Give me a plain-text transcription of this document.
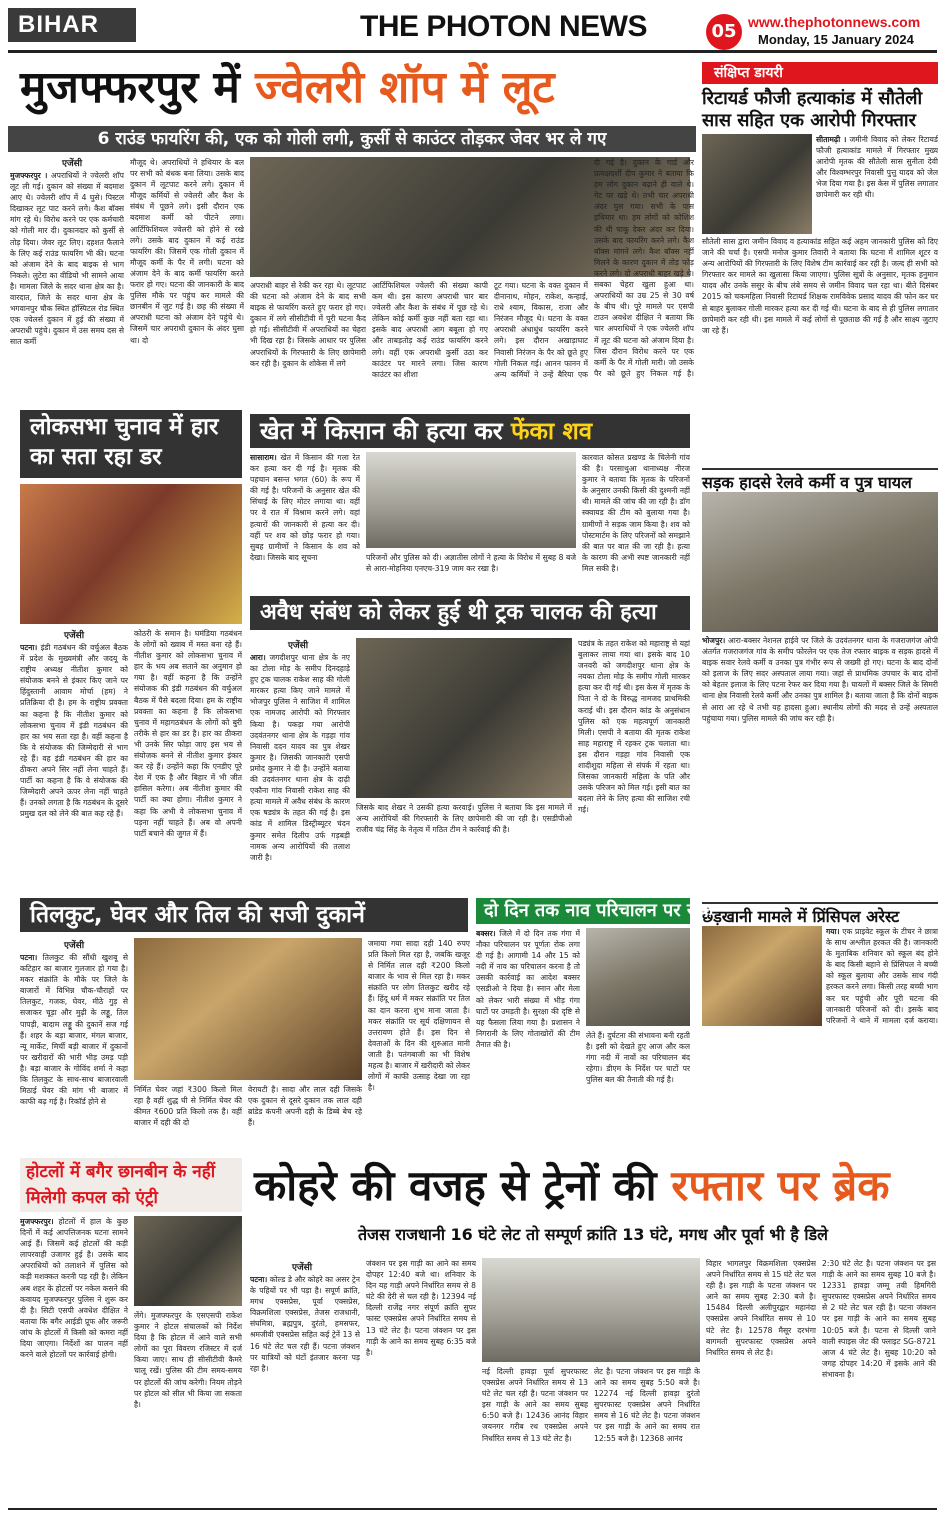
BIHAR	THE PHOTON NEWS	05 www.thephotonnews.com
Monday, 15 January 2024
मुजफ्फरपुर में ज्वेलरी शॉप में लूट
6 राउंड फायरिंग की, एक को गोली लगी, कुर्सी से काउंटर तोड़कर जेवर भर ले गए
एजेंसी
मुजफ्फरपुर । अपराधियों ने ज्वेलरी शॉप लूट ली गई। दुकान को संख्या में बदमाश आए थे। ज्वेलरी शॉप में 4 घुसे। पिस्टल दिखाकर लूट पाट करने लगे। कैश बॉक्स मांग रहे थे। विरोध करने पर एक कर्मचारी को गोली मार दी। दुकानदार को कुर्सी से तोड़ दिया। जेवर लूट लिए। दहशत फैलाने के लिए कई राउंड फायरिंग भी की। घटना को अंजाम देने के बाद बाइक से भाग निकले। लुटेरा का वीडियो भी सामने आया है। मामला जिले के सदर थाना क्षेत्र का है। वारदात, जिले के सदर थाना क्षेत्र के भगवानपुर चौक स्थित हॉस्पिटल रोड स्थित एक ज्वेलर्स दुकान में हुई की संख्या में अपराधी पहुंचे। दुकान में उस समय दस से सात कर्मी
मौजूद थे। अपराधियों ने हथियार के बल पर सभी को बंधक बना लिया। उसके बाद दुकान में लूटपाट करने लगे। दुकान में मौजूद कर्मियों से ज्वेलरी और कैश के संबंध में पूछने लगे। इसी दौरान एक बदमाश कर्मी को पीटने लगा। आर्टिफिशियल ज्वेलरी को होने से रखे लगे। उसके बाद दुकान में कई राउंड फायरिंग की। जिसमें एक गोली दुकान में मौजूद कर्मी के पैर में लगी। घटना को अंजाम देने के बाद कर्मी फायरिंग करते फरार हो गए। घटना की जानकारी के बाद पुलिस मौके पर पहुंच कर मामले की छानबीन में जुट गई है। छह की संख्या में अपराधी घटना को अंजाम देने पहुंचे थे। जिसमें चार अपराधी दुकान के अंदर घुसा था। दो
अपराधी बाहर से रेकी कर रहा थे। लूटपाट की घटना को अंजाम देने के बाद सभी बाइक से फायरिंग करते हुए फरार हो गए। दुकान में लगे सीसीटीवी में पूरी घटना कैद हो गई। सीसीटीवी में अपराधियों का चेहरा भी दिख रहा है। जिसके आधार पर पुलिस अपराधियों के गिरफ्तारी के लिए छापेमारी कर रही है। दुकान के शोकेस में लगे
आर्टिफिशियल ज्वेलरी की संख्या कापी कम थी। इस कारण अपराधी चार बार ज्वेलरी और कैश के संबंध में पूछ रहे थे। लेकिन कोई कर्मी कुछ नहीं बता रहा था। इसके बाद अपराधी आग बबूला हो गए और ताबड़तोड़ कई राउंड फायरिंग करने लगे। वहीं एक अपराधी कुर्सी उठा कर काउंटर पर मारने लगा। जिस कारण काउंटर का शीशा
टूट गया। घटना के वक्त दुकान में दीनानाथ, मोहन, राकेश, कन्हाई, राधे श्याम, विकास, राजा और निरंजन मौजूद थे। घटना के वक्त अपराधी अंधाधुंध फायरिंग करने लगे। इस दौरान अखाड़ाघाट निवासी निरंजन के पैर को छूते हुए गोली निकल गई। आनन फानन में अन्य कर्मियों ने उन्हें बैरिया एक
दी गई है। दुकान के गार्ड और प्रत्यक्षदर्शी दीप कुमार ने बताया कि हम लोग दुकान बढ़ाने ही वाले थे। गेट पर खड़े थे। तभी चार अपराधी अंदर घुस गया। सभी के पास हथियार था। हम लोगों को कोशिश की थी चाकू देकर अंदर कर दिया। उसके बाद फायरिंग करने लगे। कैश बॉक्स मांगने लगे। कैश बॉक्स नहीं मिलने के कारण दुकान में तोड़ फोड़ करने लगे। दो अपराधी बाहर खड़े थे। सबका चेहरा खुला हुआ था। अपराधियों का उम्र 25 से 30 वर्ष के बीच थी। पूरे मामले पर एसपी टाउन अवधेश दीक्षित ने बताया कि चार अपराधियों ने एक ज्वेलरी शॉप में लूट की घटना को अंजाम दिया है। जिस दौरान विरोध करने पर एक कर्मी के पैर में गोली मारी। जो उसके पैर को छूते हुए निकल गई है।
संक्षिप्त डायरी
रिटायर्ड फौजी हत्याकांड में सौतेली सास सहित एक आरोपी गिरफ्तार
सीतामढ़ी । जमीनी विवाद को लेकर रिटायर्ड फौजी हत्याकांड मामले में गिरफ्तार मुख्य आरोपी मृतक की सौतेली सास सुनीता देवी और विश्वम्भरपुर निवासी पुत्तु यादव को जेल भेज दिया गया है। इस केस में पुलिस लगातार छापेमारी कर रही थी।
सौतेली सास द्वारा जमीन विवाद व हत्याकांड सहित कई अहम जानकारी पुलिस को दिए जाने की चर्चा है। एसपी मनोज कुमार तिवारी ने बताया कि घटना में शामिल शूटर व अन्य आरोपियों की गिरफ्तारी के लिए विशेष टीम कार्रवाई कर रही है। जल्द ही सभी को गिरफ्तार कर मामले का खुलासा किया जाएगा। पुलिस सूत्रों के अनुसार, मृतक हनुमान यादव और उनके ससुर के बीच लंबे समय से जमीन विवाद चल रहा था। बीते दिसंबर 2015 को चकमहिला निवासी रिटायर्ड शिक्षक रामविवेक प्रसाद यादव की फोन कर घर से बाहर बुलाकर गोली मारकर हत्या कर दी गई थी। घटना के बाद से ही पुलिस लगातार छापेमारी कर रही थी। इस मामले में कई लोगों से पूछताछ की गई है और साक्ष्य जुटाए जा रहे हैं।
सड़क हादसे रेलवे कर्मी व पुत्र घायल
भोजपुर। आरा-बक्सर नेशनल हाईवे पर जिले के उदवंतनगर थाना के गजराजगंज ओपी अंतर्गत गजराजगंज गांव के समीप फोरलेन पर एक तेज रफ्तार बाइक व सड़क हादसे में बाइक सवार रेलवे कर्मी व उनका पुत्र गंभीर रूप से जख्मी हो गए। घटना के बाद दोनों को इलाज के लिए सदर अस्पताल लाया गया। जहां से प्राथमिक उपचार के बाद दोनों को बेहतर इलाज के लिए पटना रेफर कर दिया गया है। घायलों में बक्सर जिले के सिमरी थाना क्षेत्र निवासी रेलवे कर्मी और उनका पुत्र शामिल है। बताया जाता है कि दोनों बाइक से आरा आ रहे थे तभी यह हादसा हुआ। स्थानीय लोगों की मदद से उन्हें अस्पताल पहुंचाया गया। पुलिस मामले की जांच कर रही है।
छेड़खानी मामले में प्रिंसिपल अरेस्ट
गया। एक प्राइवेट स्कूल के टीचर ने छात्रा के साथ अश्लील हरकत की है। जानकारी के मुताबिक शनिवार को स्कूल बंद होने के बाद किसी बहाने से प्रिंसिपल ने बच्ची को स्कूल बुलाया और उसके साथ गंदी हरकत करने लगा। किसी तरह बच्ची भाग कर घर पहुंची और पूरी घटना की जानकारी परिजनों को दी। इसके बाद परिजनों ने थाने में मामला दर्ज कराया।
लोकसभा चुनाव में हार का सता रहा डर
एजेंसी
पटना। इंडी गठबंधन की वर्चुअल बैठक में प्रदेश के मुख्यमंत्री और जदयू के राष्ट्रीय अध्यक्ष नीतीश कुमार को संयोजक बनने से इंकार किए जाने पर हिंदुस्तानी आवाम मोर्चा (हम) ने प्रतिक्रिया दी है। हम के राष्ट्रीय प्रवक्ता का कहना है कि नीतीश कुमार को लोकसभा चुनाव में इंडी गठबंधन की हार का भय सता रहा है। वहीं कहना है कि वे संयोजक की जिम्मेदारी से भाग रहे हैं। वह इंडी गठबंधन की हार का ठीकरा अपने सिर नहीं लेना चाहते हैं। पार्टी का कहना है कि वे संयोजक की जिम्मेदारी अपने ऊपर लेना नहीं चाहते हैं। उनको लगता है कि गठबंधन के दूसरे प्रमुख दल को लेने की बात कह रहे हैं।
कोठरी के समान है। घमंडिया गठबंधन के लोगों को ख्वाब में मस्त बना रहे हैं। नीतीश कुमार को लोकसभा चुनाव में हार के भय अब सताने का अनुमान हो गया है। वहीं कहना है कि उन्होंने संयोजक की इंडी गठबंधन की वर्चुअल बैठक में पैसे बदला दिया। हम के राष्ट्रीय प्रवक्ता का कहना है कि लोकसभा चुनाव में महागठबंधन के लोगों को बुरी तरीके से हार का डर है। हार का ठीकरा भी उनके सिर फोड़ा जाए इस भय से संयोजक बनने से नीतीश कुमार इंकार कर रहे हैं। उन्होंने कहा कि एनडीए पूरे देश में एक है और बिहार में भी जीत हासिल करेगा। अब नीतीश कुमार की पार्टी का क्या होगा। नीतीश कुमार ने कहा कि अभी वे लोकसभा चुनाव में पड़ना नहीं चाहते हैं। अब वो अपनी पार्टी बचाने की जुगत में हैं।
खेत में किसान की हत्या कर फेंका शव
सासाराम। खेत में किसान की गला रेत कर हत्या कर दी गई है। मृतक की पहचान बसन्त भगत (60) के रूप में की गई है। परिजनों के अनुसार खेत की सिंचाई के लिए मोटर लगाया था। वहीं पर वे रात में विश्राम करने लगे। वहां हत्यारों की जानकारी से हत्या कर दी। वहीं पर शव को छोड़ फरार हो गया। सुबह ग्रामीणों ने किसान के शव को देखा। जिसके बाद सूचना	परिजनों और पुलिस को दी। अज्ञातीस लोगों ने हत्या के विरोध में सुबह 8 बजे से आरा-मोहनिया एनएच-319 जाम कर रखा है।
कारवात कोसत प्रखण्ड के चिलेनी गांव की है। परसाथुआ थानाध्यक्ष नीरज कुमार ने बताया कि मृतक के परिजनों के अनुसार उनकी किसी की दुश्मनी नहीं थी। मामले की जांच की जा रही है। डॉग स्क्वायड की टीम को बुलाया गया है। ग्रामीणों ने सड़क जाम किया है। शव को पोस्टमार्टम के लिए परिजनों को समझाने की बात पर बात की जा रही है। हत्या के कारण की अभी स्पष्ट जानकारी नहीं मिल सकी है।
अवैध संबंध को लेकर हुई थी ट्रक चालक की हत्या
एजेंसी
आरा। जगदीशपुर थाना क्षेत्र के नए का टोला मोड़ के समीप दिनदहाड़े हुए ट्रक चालक राकेश साह की गोली मारकर हत्या किए जाने मामले में भोजपुर पुलिस ने साजिश में शामिल एक नामजद आरोपी को गिरफ्तार किया है। पकड़ा गया आरोपी उदवंतनगर थाना क्षेत्र के गड़हा गांव निवासी ददन यादव का पुत्र शेखर कुमार है। जिसकी जानकारी एसपी प्रमोद कुमार ने दी है। उन्होंने बताया की उदवंतनगर थाना क्षेत्र के दाढ़ी एकौना गांव निवासी राकेश साह की हत्या मामले में अवैध संबंध के कारण एक षड्यंत्र के तहत की गई है। इस कांड में शामिल डिस्ट्रीब्यूटर चंदन कुमार समेत दिलीप उर्फ गड़बड़ी नामक अन्य आरोपियों की तलाश जारी है।
जिसके बाद शेखर ने उसकी हत्या करवाई। पुलिस ने बताया कि इस मामले में अन्य आरोपियों की गिरफ्तारी के लिए छापेमारी की जा रही है। एसडीपीओ राजीव चंद्र सिंह के नेतृत्व में गठित टीम ने कार्रवाई की है।
पड्यंत्र के तहत राकेश को महाराष्ट्र से यहां बुलाकर लाया गया था। इसके बाद 10 जनवरी को जगदीशपुर थाना क्षेत्र के नयका टोला मोड़ के समीप गोली मारकर हत्या कर दी गई थी। इस केस में मृतक के पिता ने दो के विरुद्ध नामजद प्राथमिकी कराई थी। इस दौरान कांड के अनुसंधान पुलिस को एक महत्वपूर्ण जानकारी मिली। एसपी ने बताया की मृतक राकेश साह महाराष्ट्र में रहकर ट्रक चलाता था। इस दौरान गड़हा गांव निवासी एक शादीशुदा महिला से संपर्क में रहता था। जिसका जानकारी महिला के पति और उसके परिजन को मिल गई। इसी बात का बदला लेने के लिए हत्या की साजिश रची गई।
तिलकुट, घेवर और तिल की सजी दुकानें
एजेंसी
पटना। तिलकुट की सौंधी खुशबू से कटिहार का बाजार गुलजार हो गया है। मकर संक्रांति के मौके पर जिले के बाजारों में विभिन्न चौक-चौराहों पर तिलकुट, गजक, घेवर, मीठे गुड़ से सजाकर चूड़ा और मुढ़ी के लड्डू, तिल पापड़ी, बादाम लड्डू की दुकानें सज गई हैं। शहर के बड़ा बाजार, मंगल बाजार, न्यू मार्केट, मिर्ची बड़ी बाजार में दुकानों पर खरीदारों की भारी भीड़ उमड़ पड़ी है। बड़ा बाजार के गोविंद शर्मा ने कहा कि तिलकुट के साथ-साथ बाजारवाली मिठाई घेवर की मांग भी बाजार में काफी बढ़ गई है। रिकॉर्ड होने से
निर्मित घेवर जहां ₹300 किलो मिल रहा है वहीं शुद्ध घी से निर्मित घेवर की कीमत ₹600 प्रति किलो तक है। वहीं बाजार में दही की दो
वेरायटी है। सादा और लाल दही जिसके एक दुकान से दूसरे दुकान तक लाल दही ब्रांडेड कंपनी अपनी दही के डिब्बे बेच रहे हैं।
जमाया गया सादा दही 140 रुपए प्रति किलो मिल रहा है, जबकि खजूर से निर्मित लाल दही ₹200 किलो बाजार के भाव से मिल रहा है। मकर संक्रांति पर लोग तिलकुट खरीद रहे हैं। हिंदू धर्म में मकर संक्रांति पर तिल का दान करना शुभ माना जाता है। मकर संक्रांति पर सूर्य दक्षिणायन से उत्तरायण होते हैं। इस दिन से देवताओं के दिन की शुरुआत मानी जाती है। पतंगबाजी का भी विशेष महत्व है। बाजार में खरीदारी को लेकर लोगों में काफी उत्साह देखा जा रहा है।
दो दिन तक नाव परिचालन पर रोक
बक्सर। जिले में दो दिन तक गंगा में नौका परिचालन पर पूर्णतः रोक लगा दी गई है। आगामी 14 और 15 को नदी में नाव का परिचालन करना है तो उसकी कार्रवाई का आदेश बक्सर एसडीओ ने दिया है। स्नान और मेला को लेकर भारी संख्या में भीड़ गंगा घाटों पर उमड़ती है। सुरक्षा की दृष्टि से यह फैसला लिया गया है। प्रशासन ने निगरानी के लिए गोताखोरों की टीम तैनात की है।
लेते हैं। दुर्घटना की संभावना बनी रहती है। इसी को देखते हुए आज और कल गंगा नदी में नावों का परिचालन बंद रहेगा। डीएम के निर्देश पर घाटों पर पुलिस बल की तैनाती की गई है।
होटलों में बगैर छानबीन के नहीं मिलेगी कपल को एंट्री
मुजफ्फरपुर। होटलों में हाल के कुछ दिनों में कई आपत्तिजनक घटना सामने आई हैं। जिसमें कई होटलों की कड़ी लापरवाही उजागर हुई है। उसके बाद अपराधियों को तलाशने में पुलिस को कड़ी मशक्कत करनी पड़ रही है। लेकिन अब शहर के होटलों पर नकेल कसने की कवायद मुजफ्फरपुर पुलिस ने शुरू कर दी है। सिटी एसपी अवधेश दीक्षित ने बताया कि बगैर आईडी प्रूफ और जरूरी जांच के होटलों में किसी को कमरा नहीं दिया जाएगा। निर्देशों का पालन नहीं करने वाले होटलों पर कार्रवाई होगी।
लेंगे। मुजफ्फरपुर के एसएसपी राकेश कुमार ने होटल संचालकों को निर्देश दिया है कि होटल में आने वाले सभी लोगों का पूरा विवरण रजिस्टर में दर्ज किया जाए। साथ ही सीसीटीवी कैमरे चालू रखें। पुलिस की टीम समय-समय पर होटलों की जांच करेगी। नियम तोड़ने पर होटल को सील भी किया जा सकता है।
कोहरे की वजह से ट्रेनों की रफ्तार पर ब्रेक
तेजस राजधानी 16 घंटे लेट तो सम्पूर्ण क्रांति 13 घंटे, मगध और पूर्वा भी है डिले
एजेंसी
पटना। कोल्ड डे और कोहरे का असर ट्रेन के पहियों पर भी पड़ा है। सपूर्ण क्रांति, मगध एक्सप्रेस, पूर्वा एक्सप्रेस, विक्रमशिला एक्सप्रेस, तेजस राजधानी, संघमित्रा, ब्रह्मपुत्र, दुरंतो, हमसफर, श्रमजीवी एक्सप्रेस सहित कई ट्रेनें 13 से 16 घंटे लेट चल रही हैं। पटना जंक्शन पर यात्रियों को घंटों इंतजार करना पड़ रहा है।
जंक्शन पर इस गाड़ी का आने का समय दोपहर 12:40 बजे था। शनिवार के दिन यह गाड़ी अपने निर्धारित समय से 8 घंटे की देरी से चल रही है। 12394 नई दिल्ली राजेंद्र नगर संपूर्ण क्रांति सुपर फास्ट एक्सप्रेस अपने निर्धारित समय से 13 घंटे लेट है। पटना जंक्शन पर इस गाड़ी के आने का समय सुबह 6:35 बजे है।
नई दिल्ली हावड़ा पूर्वा सुपरफास्ट एक्सप्रेस अपने निर्धारित समय से 13 घंटे लेट चल रही है। पटना जंक्शन पर इस गाड़ी के आने का समय सुबह 6:50 बजे है। 12436 आनंद विहार जयनगर गरीब रथ एक्सप्रेस अपने निर्धारित समय से 13 घंटे लेट है।
लेट है। पटना जंक्शन पर इस गाड़ी के आने का समय सुबह 5:50 बजे है। 12274 नई दिल्ली हावड़ा दुरंतो सुपरफास्ट एक्सप्रेस अपने निर्धारित समय से 16 घंटे लेट है। पटना जंक्शन पर इस गाड़ी के आने का समय रात 12:55 बजे है। 12368 आनंद
विहार भागलपुर विक्रमशिला एक्सप्रेस अपने निर्धारित समय से 15 घंटे लेट चल रही है। इस गाड़ी के पटना जंक्शन पर आने का समय सुबह 2:30 बजे है। 15484 दिल्ली अलीपुरद्वार महानंदा एक्सप्रेस अपने निर्धारित समय से 10 घंटे लेट है। 12578 मैसूर दरभंगा बागमती सुपरफास्ट एक्सप्रेस अपने निर्धारित समय से लेट है।
2:30 घंटे लेट है। पटना जंक्शन पर इस गाड़ी के आने का समय सुबह 10 बजे है। 12331 हावड़ा जम्मू तवी हिमगिरी सुपरफास्ट एक्सप्रेस अपने निर्धारित समय से 2 घंटे लेट चल रही है। पटना जंक्शन पर इस गाड़ी के आने का समय सुबह 10:05 बजे है। पटना से दिल्ली जाने वाली स्पाइस जेट की फ्लाइट SG-8721 आज 4 घंटे लेट है। सुबह 10:20 को जगह दोपहर 14:20 में इसके आने की संभावना है।
